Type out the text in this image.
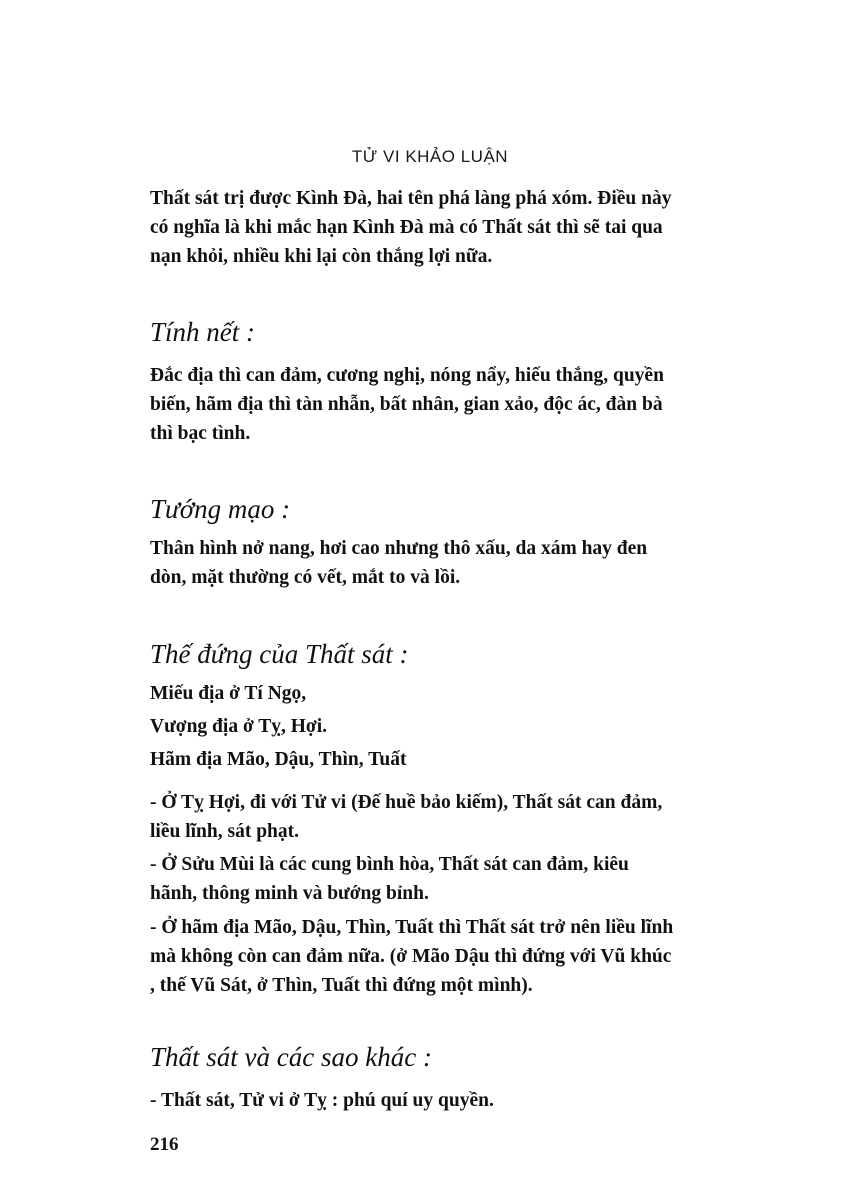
TỬ VI KHẢO LUẬN
Thất sát trị được Kình Đà, hai tên phá làng phá xóm. Điều này
có nghĩa là khi mắc hạn Kình Đà mà có Thất sát thì sẽ tai qua
nạn khỏi, nhiều khi lại còn thắng lợi nữa.
Tính nết :
Đắc địa thì can đảm, cương nghị, nóng nẩy, hiếu thắng, quyền
biến, hãm địa thì tàn nhẫn, bất nhân, gian xảo, độc ác, đàn bà
thì bạc tình.
Tướng mạo :
Thân hình nở nang, hơi cao nhưng thô xấu, da xám hay đen
dòn, mặt thường có vết, mắt to và lồi.
Thế đứng của Thất sát :
Miếu địa ở Tí Ngọ,
Vượng địa ở Tỵ, Hợi.
Hãm địa Mão, Dậu, Thìn, Tuất
- Ở Tỵ Hợi, đi với Tử vi (Đế huề bảo kiếm), Thất sát can đảm,
liều lĩnh, sát phạt.
- Ở Sửu Mùi là các cung bình hòa, Thất sát can đảm, kiêu
hãnh, thông minh và bướng bỉnh.
- Ở hãm địa Mão, Dậu, Thìn, Tuất thì Thất sát trở nên liều lĩnh
mà không còn can đảm nữa. (ở Mão Dậu thì đứng với Vũ khúc
, thế Vũ Sát, ở Thìn, Tuất thì đứng một mình).
Thất sát và các sao khác :
- Thất sát, Tử vi ở Tỵ : phú quí uy quyền.
216
